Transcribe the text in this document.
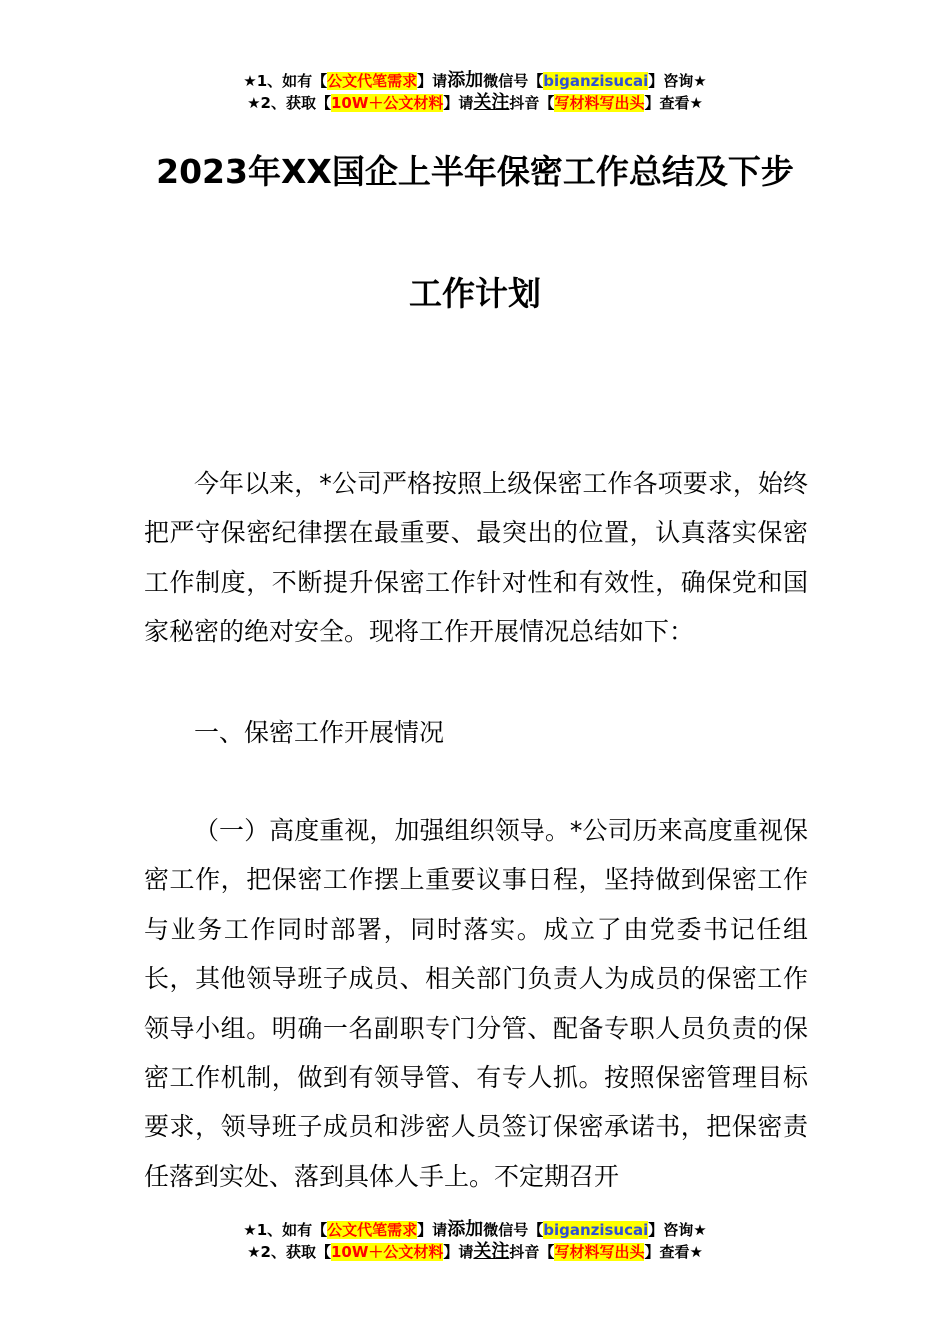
★1、如有【公文代笔需求】请添加微信号【biganzisucai】咨询★
★2、获取【10W＋公文材料】请关注抖音【写材料写出头】查看★
2023年XX国企上半年保密工作总结及下步
工作计划

今年以来，*公司严格按照上级保密工作各项要求，始终把严守保密纪律摆在最重要、最突出的位置，认真落实保密工作制度，不断提升保密工作针对性和有效性，确保党和国家秘密的绝对安全。现将工作开展情况总结如下：

一、保密工作开展情况

（一）高度重视，加强组织领导。*公司历来高度重视保密工作，把保密工作摆上重要议事日程，坚持做到保密工作与业务工作同时部署，同时落实。成立了由党委书记任组长，其他领导班子成员、相关部门负责人为成员的保密工作领导小组。明确一名副职专门分管、配备专职人员负责的保密工作机制，做到有领导管、有专人抓。按照保密管理目标要求，领导班子成员和涉密人员签订保密承诺书，把保密责任落到实处、落到具体人手上。不定期召开

★1、如有【公文代笔需求】请添加微信号【biganzisucai】咨询★
★2、获取【10W＋公文材料】请关注抖音【写材料写出头】查看★
